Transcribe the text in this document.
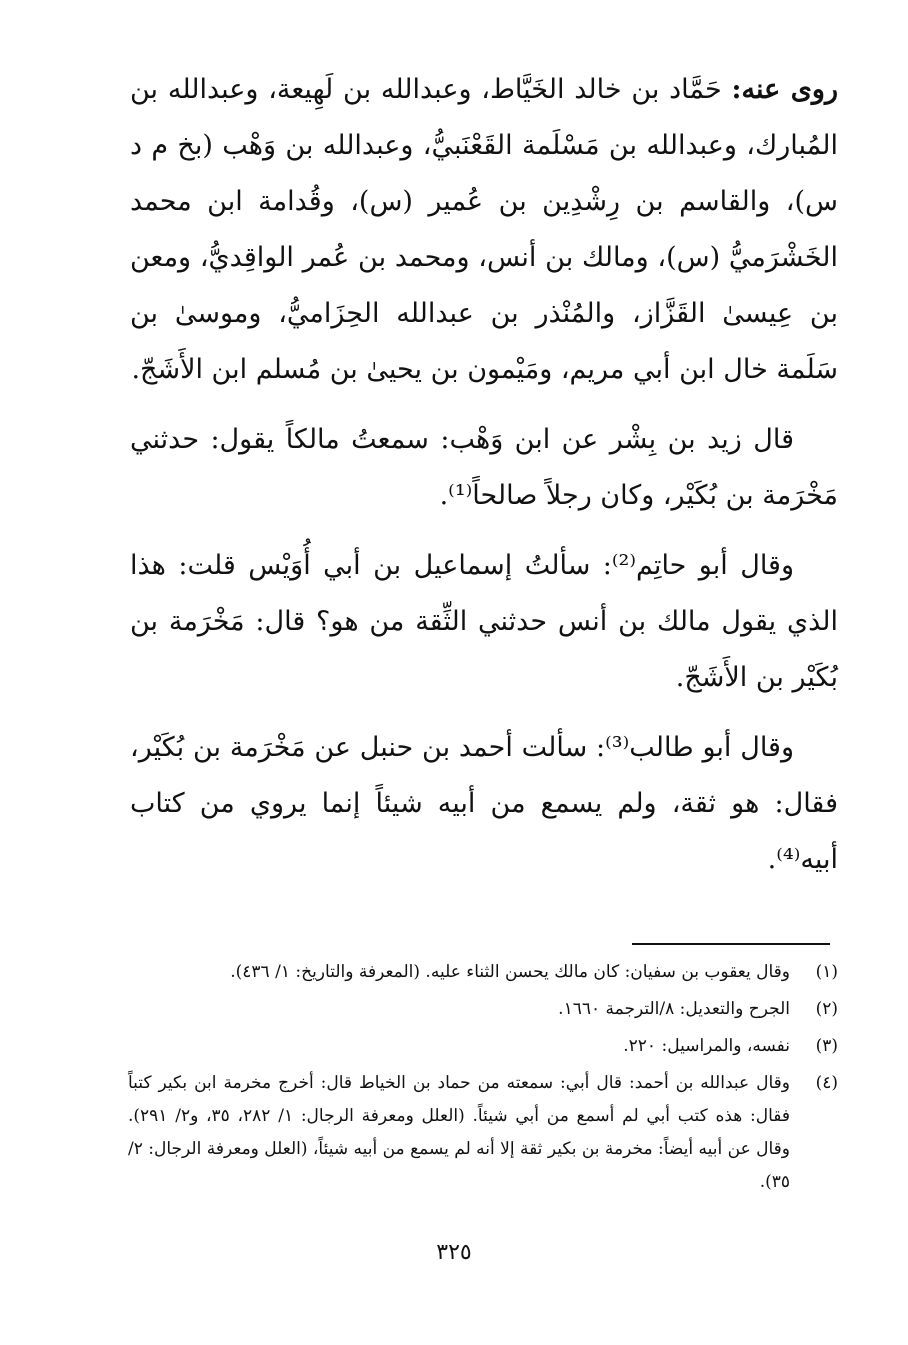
روى عنه: حَمَّاد بن خالد الخَيَّاط، وعبدالله بن لَهِيعة، وعبدالله بن المُبارك، وعبدالله بن مَسْلَمة القَعْنَبيُّ، وعبدالله بن وَهْب (بخ م د س)، والقاسم بن رِشْدِين بن عُمير (س)، وقُدامة ابن محمد الخَشْرَميُّ (س)، ومالك بن أنس، ومحمد بن عُمر الواقِديُّ، ومعن بن عِيسىٰ القَزَّاز، والمُنْذر بن عبدالله الحِزَاميُّ، وموسىٰ بن سَلَمة خال ابن أبي مريم، ومَيْمون بن يحيىٰ بن مُسلم ابن الأَشَجّ.

قال زيد بن بِشْر عن ابن وَهْب: سمعتُ مالكاً يقول: حدثني مَخْرَمة بن بُكَيْر، وكان رجلاً صالحاً⁽¹⁾.

وقال أبو حاتِم⁽²⁾: سألتُ إسماعيل بن أبي أُوَيْس قلت: هذا الذي يقول مالك بن أنس حدثني الثِّقة من هو؟ قال: مَخْرَمة بن بُكَيْر بن الأَشَجّ.

وقال أبو طالب⁽³⁾: سألت أحمد بن حنبل عن مَخْرَمة بن بُكَيْر، فقال: هو ثقة، ولم يسمع من أبيه شيئاً إنما يروي من كتاب أبيه⁽⁴⁾.

(١)
وقال يعقوب بن سفيان: كان مالك يحسن الثناء عليه. (المعرفة والتاريخ: ١/ ٤٣٦).
(٢)
الجرح والتعديل: ٨/الترجمة ١٦٦٠.
(٣)
نفسه، والمراسيل: ٢٢٠.
(٤)
وقال عبدالله بن أحمد: قال أبي: سمعته من حماد بن الخياط قال: أخرج مخرمة ابن بكير كتباً فقال: هذه كتب أبي لم أسمع من أبي شيئاً. (العلل ومعرفة الرجال: ١/ ٢٨٢، ٣٥، و٢/ ٢٩١). وقال عن أبيه أيضاً: مخرمة بن بكير ثقة إلا أنه لم يسمع من أبيه شيئاً، (العلل ومعرفة الرجال: ٢/ ٣٥).
٣٢٥
